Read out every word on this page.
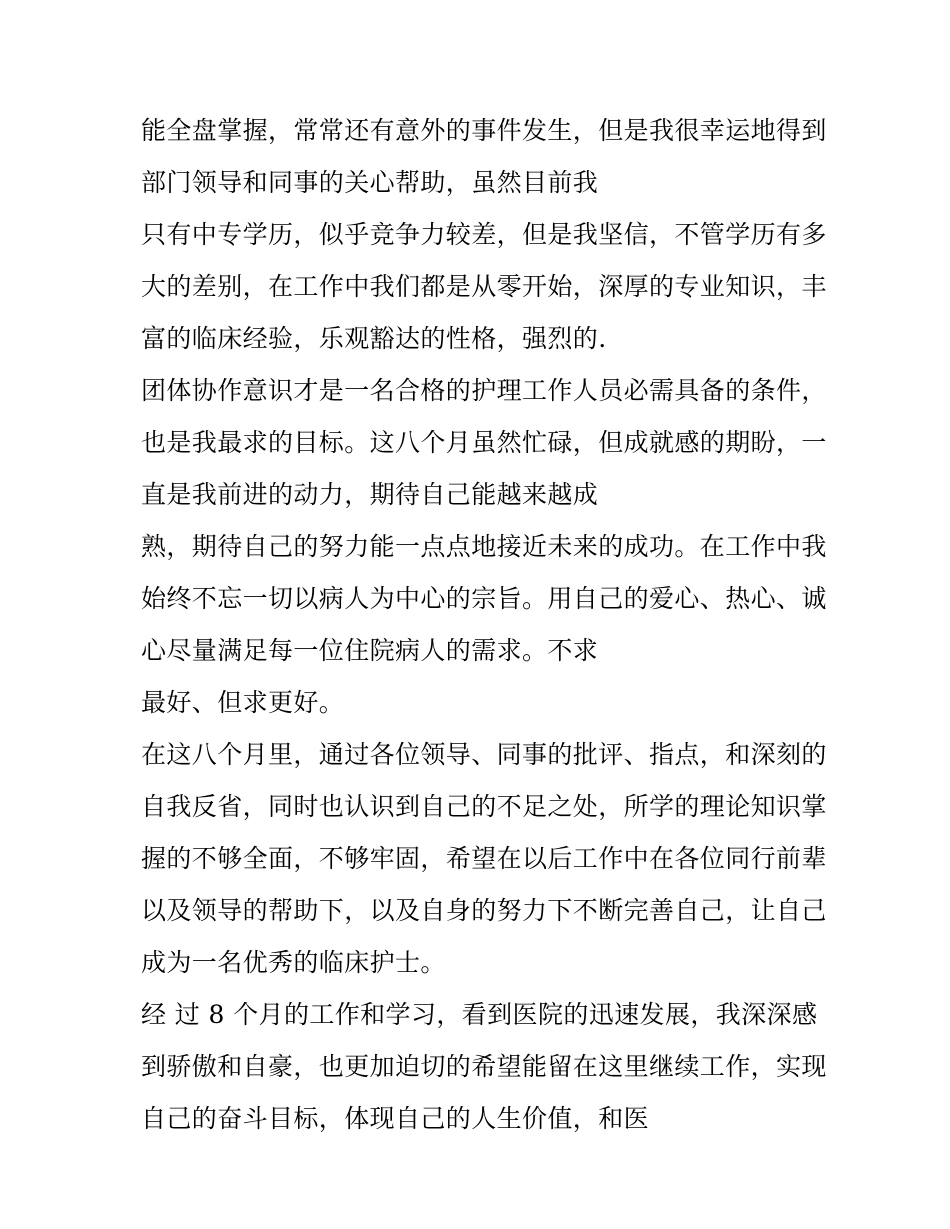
能全盘掌握，常常还有意外的事件发生，但是我很幸运地得到
部门领导和同事的关心帮助，虽然目前我
只有中专学历，似乎竞争力较差，但是我坚信，不管学历有多
大的差别，在工作中我们都是从零开始，深厚的专业知识，丰
富的临床经验，乐观豁达的性格，强烈的.
团体协作意识才是一名合格的护理工作人员必需具备的条件，
也是我最求的目标。这八个月虽然忙碌，但成就感的期盼，一
直是我前进的动力，期待自己能越来越成
熟，期待自己的努力能一点点地接近未来的成功。在工作中我
始终不忘一切以病人为中心的宗旨。用自己的爱心、热心、诚
心尽量满足每一位住院病人的需求。不求
最好、但求更好。
在这八个月里，通过各位领导、同事的批评、指点，和深刻的
自我反省，同时也认识到自己的不足之处，所学的理论知识掌
握的不够全面，不够牢固，希望在以后工作中在各位同行前辈
以及领导的帮助下，以及自身的努力下不断完善自己，让自己
成为一名优秀的临床护士。
经 过 8 个月的工作和学习，看到医院的迅速发展，我深深感
到骄傲和自豪，也更加迫切的希望能留在这里继续工作，实现
自己的奋斗目标，体现自己的人生价值，和医
